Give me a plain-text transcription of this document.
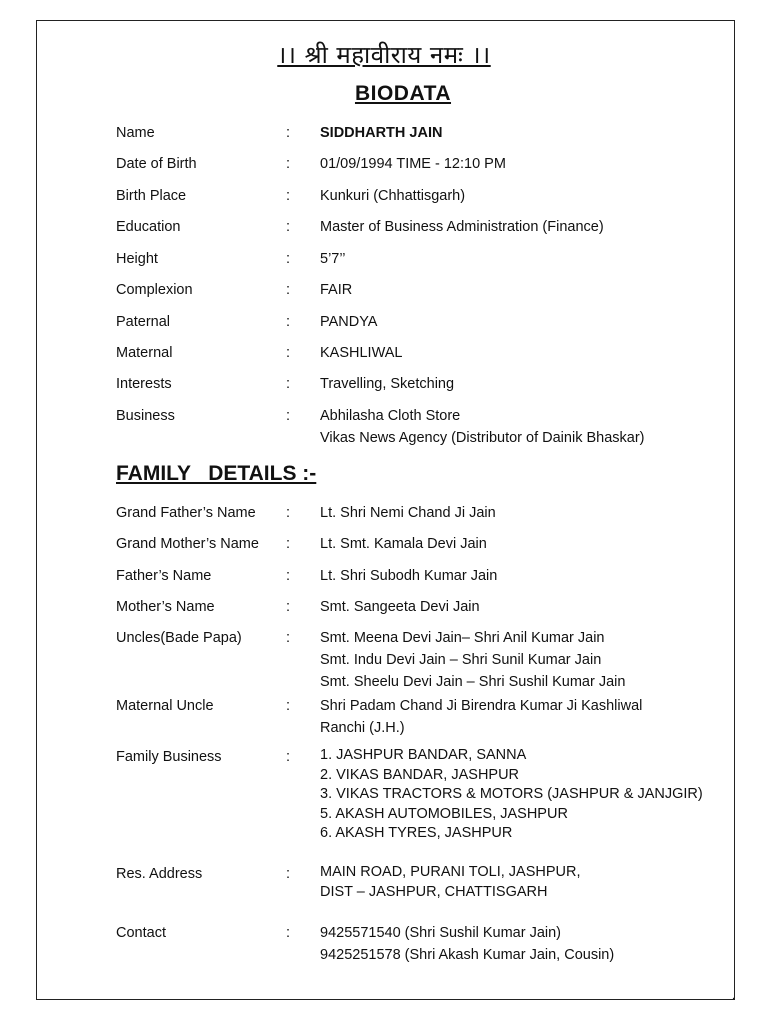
।। श्री महावीराय नमः ।।
BIODATA
Name	: SIDDHARTH JAIN
Date of Birth	: 01/09/1994 TIME - 12:10 PM
Birth Place	: Kunkuri (Chhattisgarh)
Education	: Master of Business Administration (Finance)
Height	: 5’7’’
Complexion	: FAIR
Paternal	: PANDYA
Maternal	: KASHLIWAL
Interests	: Travelling, Sketching
Business	: Abhilasha Cloth Store
Vikas News Agency (Distributor of Dainik Bhaskar)
FAMILY   DETAILS :-
Grand Father’s Name : Lt. Shri Nemi Chand Ji Jain
Grand Mother’s Name : Lt. Smt. Kamala Devi Jain
Father’s Name	: Lt. Shri Subodh Kumar Jain
Mother’s Name	: Smt. Sangeeta Devi Jain
Uncles(Bade Papa)	: Smt. Meena Devi Jain– Shri Anil Kumar Jain
Smt. Indu Devi Jain – Shri Sunil Kumar Jain
Smt. Sheelu Devi Jain – Shri Sushil Kumar Jain
Maternal Uncle	: Shri Padam Chand Ji Birendra Kumar Ji Kashliwal
Ranchi (J.H.)
Family Business	: 1. JASHPUR BANDAR, SANNA
2. VIKAS BANDAR, JASHPUR
3. VIKAS TRACTORS & MOTORS (JASHPUR & JANJGIR)
5. AKASH AUTOMOBILES, JASHPUR
6. AKASH TYRES, JASHPUR
Res. Address	: MAIN ROAD, PURANI TOLI, JASHPUR,
DIST – JASHPUR, CHATTISGARH
Contact	: 9425571540 (Shri Sushil Kumar Jain)
9425251578 (Shri Akash Kumar Jain, Cousin)
.
